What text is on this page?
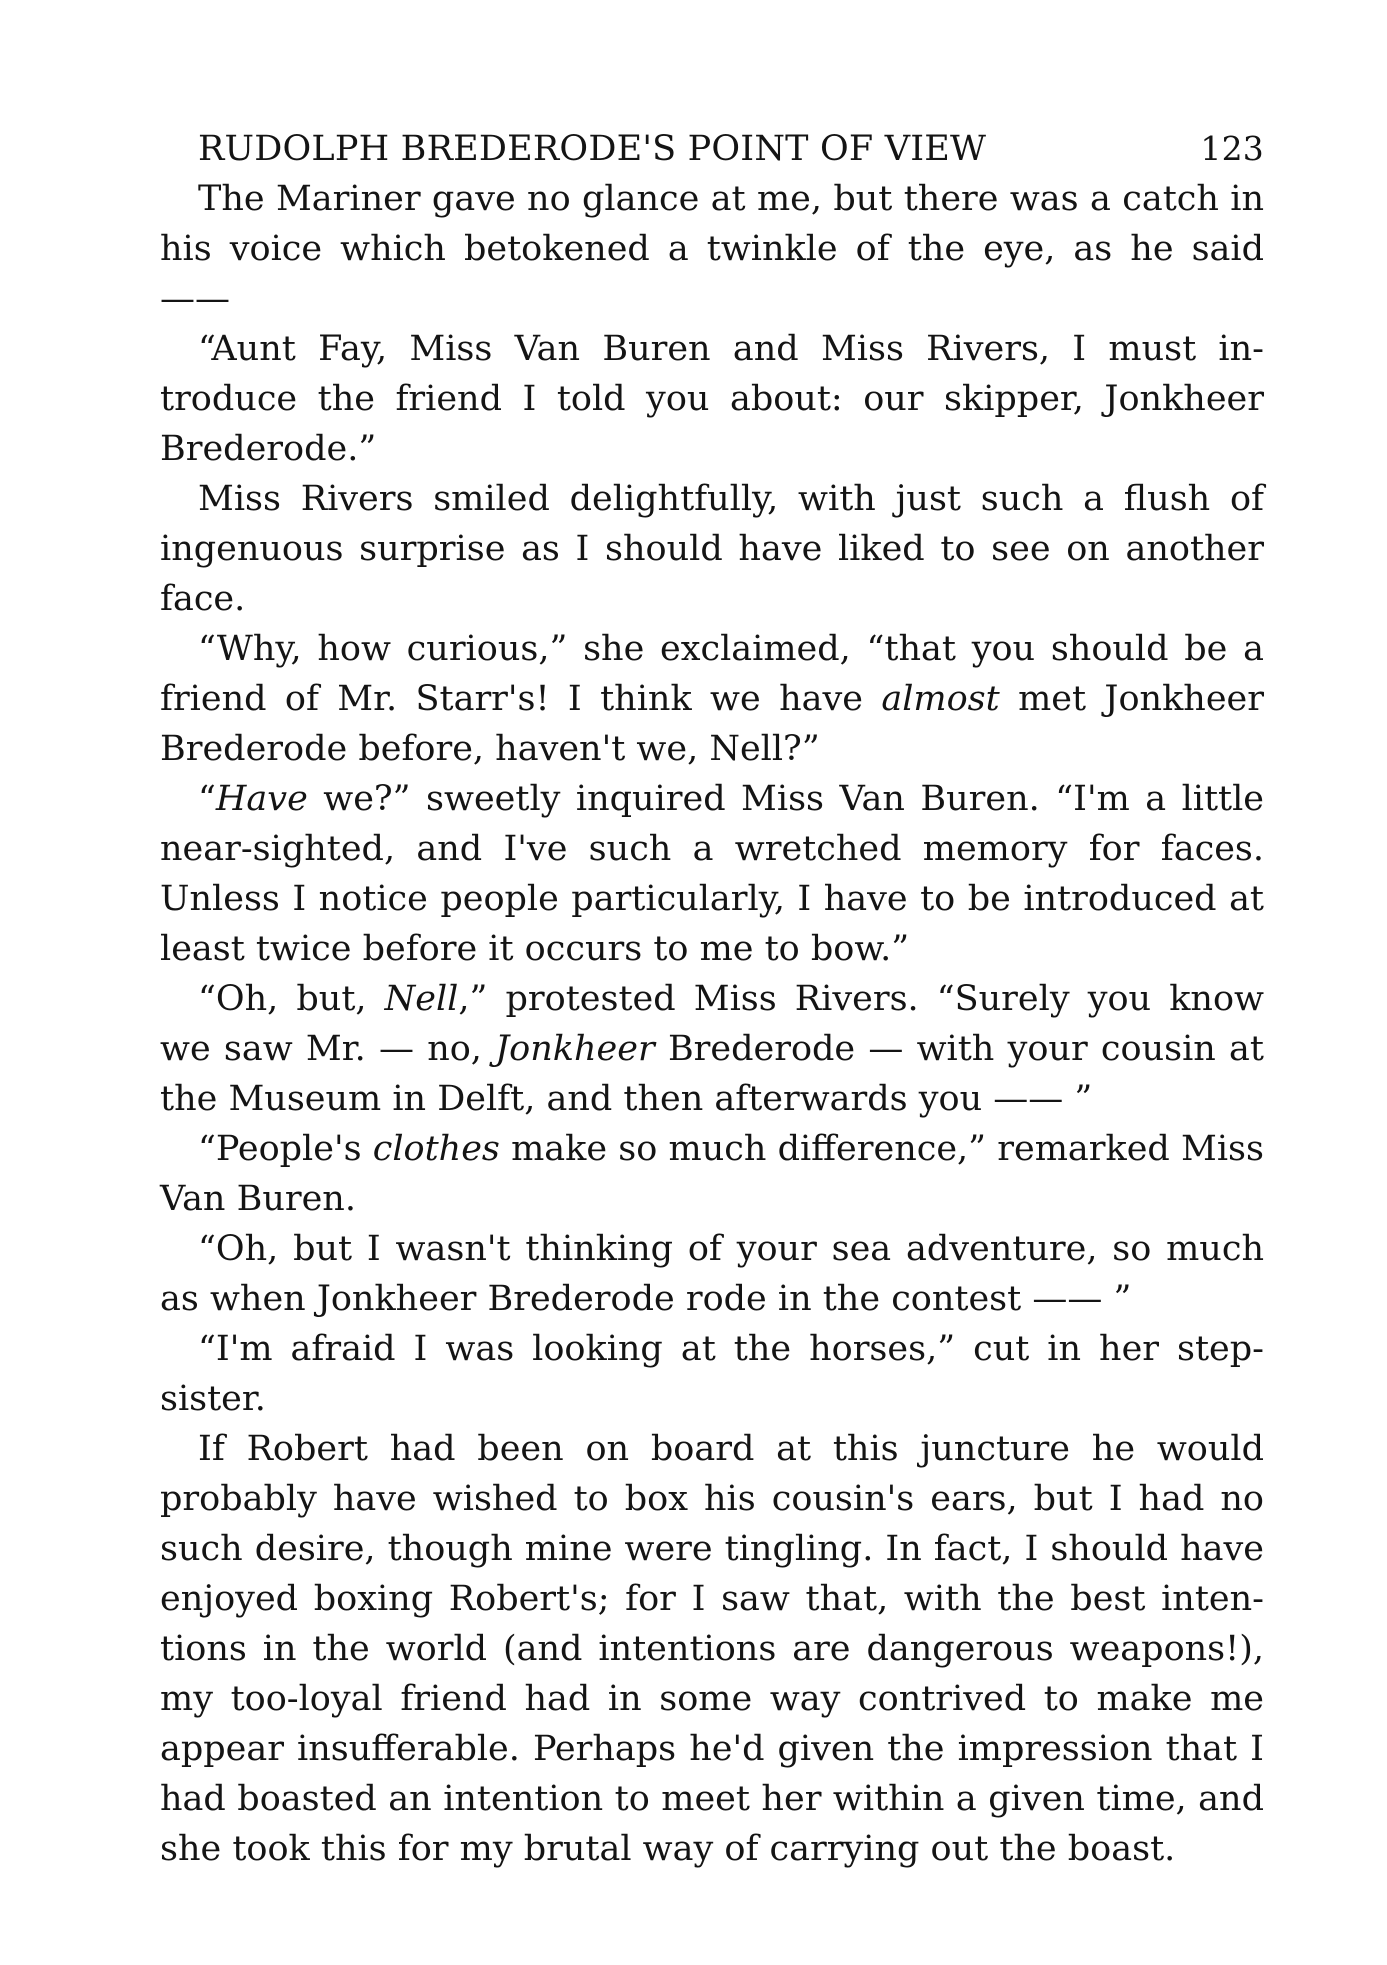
RUDOLPH BREDERODE'S POINT OF VIEW	123

The Mariner gave no glance at me, but there was a catch in his voice which betokened a twinkle of the eye, as he said ——

“Aunt Fay, Miss Van Buren and Miss Rivers, I must introduce the friend I told you about: our skipper, Jonkheer Brederode.”

Miss Rivers smiled delightfully, with just such a flush of ingenuous surprise as I should have liked to see on another face.

“Why, how curious,” she exclaimed, “that you should be a friend of Mr. Starr's! I think we have almost met Jonkheer Brederode before, haven't we, Nell?”

“Have we?” sweetly inquired Miss Van Buren. “I'm a little near-sighted, and I've such a wretched memory for faces. Unless I notice people particularly, I have to be introduced at least twice before it occurs to me to bow.”

“Oh, but, Nell,” protested Miss Rivers. “Surely you know we saw Mr. — no, Jonkheer Brederode — with your cousin at the Museum in Delft, and then afterwards you —— ”

“People's clothes make so much difference,” remarked Miss Van Buren.

“Oh, but I wasn't thinking of your sea adventure, so much as when Jonkheer Brederode rode in the contest —— ”

“I'm afraid I was looking at the horses,” cut in her stepsister.

If Robert had been on board at this juncture he would probably have wished to box his cousin's ears, but I had no such desire, though mine were tingling. In fact, I should have enjoyed boxing Robert's; for I saw that, with the best intentions in the world (and intentions are dangerous weapons!), my too-loyal friend had in some way contrived to make me appear insufferable. Perhaps he'd given the impression that I had boasted an intention to meet her within a given time, and she took this for my brutal way of carrying out the boast.
